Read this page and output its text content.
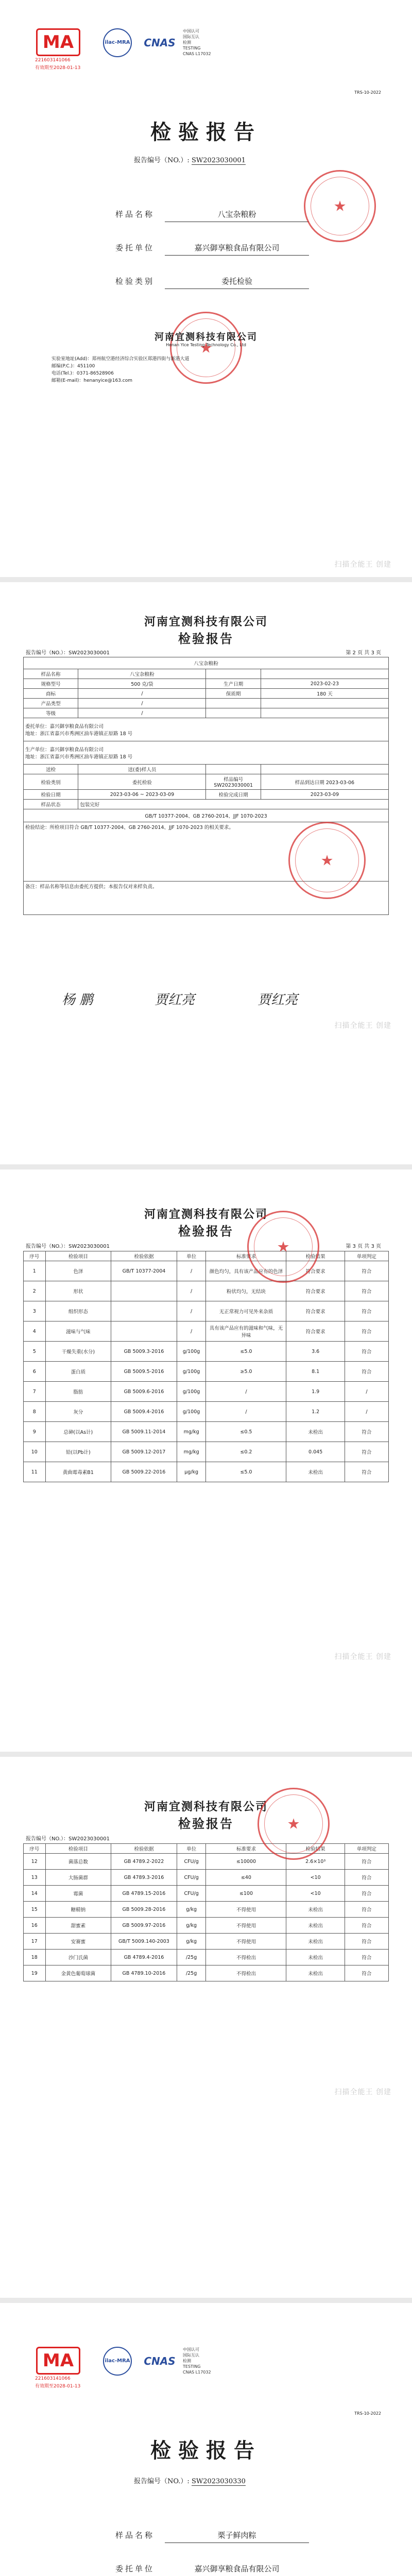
MA
221603141066
有效期至2028-01-13
ilac-MRA CNAS
中国认可
国际互认
检测
TESTING
CNAS L17032
TRS-10-2022
检验报告
报告编号（NO.）: SW2023030001
样品名称	八宝杂粮粉
委托单位	嘉兴御享粮食品有限公司
检验类别	委托检验
★
★
河南宜测科技有限公司
Henan Yice Testing Technology Co., Ltd
实验室地址(Add)：郑州航空港经济综合实验区郑港四街与新港大道
邮编(P.C.)：451100
电话(Tel.)：0371-86528906
邮箱(E-mail)：henanyice@163.com
扫描全能王 创建
河南宜测科技有限公司
检验报告
报告编号（NO.）：SW2023030001	第 2 页 共 3 页
八宝杂粮粉			
样品名称	八宝杂粮粉		
规格型号	500 克/袋	生产日期	2023-02-23
商标	/	保质期	180 天
产品类型	/		
等级	/		

委托单位：嘉兴御享粮食品有限公司
地址：浙江省嘉兴市秀洲区油车港镇正原路 18 号			

生产单位：嘉兴御享粮食品有限公司
地址：浙江省嘉兴市秀洲区油车港镇正原路 18 号			

送检	送(委)样人员		
检验类别	委托检验	样品编号 SW2023030001	样品到达日期 2023-03-06
检验日期	2023-03-06 ~ 2023-03-09	检验完成日期	2023-03-09
样品状态	包装完好		
GB/T 10377-2004、GB 2760-2014、JJF 1070-2023			
检验结论：所检项目符合 GB/T 10377-2004、GB 2760-2014、JJF 1070-2023 的相关要求。			
备注：样品名称等信息由委托方提供；本报告仅对来样负责。			
★
杨 鹏	贾红亮	贾红亮
扫描全能王 创建
河南宜测科技有限公司
检验报告
报告编号（NO.）：SW2023030001	第 3 页 共 3 页
序号	检验项目	检验依据	单位	标准要求	检验结果	单项判定
1	色泽	GB/T 10377-2004	/	颜色均匀，具有该产品应有的色泽	符合要求	符合
2	形状		/	粉状均匀，无结块	符合要求	符合
3	组织形态		/	无正常视力可见外来杂质	符合要求	符合
4	滋味与气味		/	具有该产品应有的滋味和气味，无异味	符合要求	符合
5	干燥失重(水分)	GB 5009.3-2016	g/100g	≤5.0	3.6	符合
6	蛋白质	GB 5009.5-2016	g/100g	≥5.0	8.1	符合
7	脂肪	GB 5009.6-2016	g/100g	/	1.9	/
8	灰分	GB 5009.4-2016	g/100g	/	1.2	/
9	总砷(以As计)	GB 5009.11-2014	mg/kg	≤0.5	未检出	符合
10	铅(以Pb计)	GB 5009.12-2017	mg/kg	≤0.2	0.045	符合
11	黄曲霉毒素B1	GB 5009.22-2016	μg/kg	≤5.0	未检出	符合
★
扫描全能王 创建
河南宜测科技有限公司
检验报告
报告编号（NO.）：SW2023030001
序号	检验项目	检验依据	单位	标准要求	检验结果	单项判定
12	菌落总数	GB 4789.2-2022	CFU/g	≤10000	2.6×10³	符合
13	大肠菌群	GB 4789.3-2016	CFU/g	≤40	<10	符合
14	霉菌	GB 4789.15-2016	CFU/g	≤100	<10	符合
15	糖精钠	GB 5009.28-2016	g/kg	不得使用	未检出	符合
16	甜蜜素	GB 5009.97-2016	g/kg	不得使用	未检出	符合
17	安赛蜜	GB/T 5009.140-2003	g/kg	不得使用	未检出	符合
18	沙门氏菌	GB 4789.4-2016	/25g	不得检出	未检出	符合
19	金黄色葡萄球菌	GB 4789.10-2016	/25g	不得检出	未检出	符合
★
扫描全能王 创建
MA
221603141066
有效期至2028-01-13
ilac-MRA CNAS
中国认可
国际互认
检测
TESTING
CNAS L17032
TRS-10-2022
检验报告
报告编号（NO.）: SW2023030330
样品名称	栗子鲜肉粽
委托单位	嘉兴御享粮食品有限公司
